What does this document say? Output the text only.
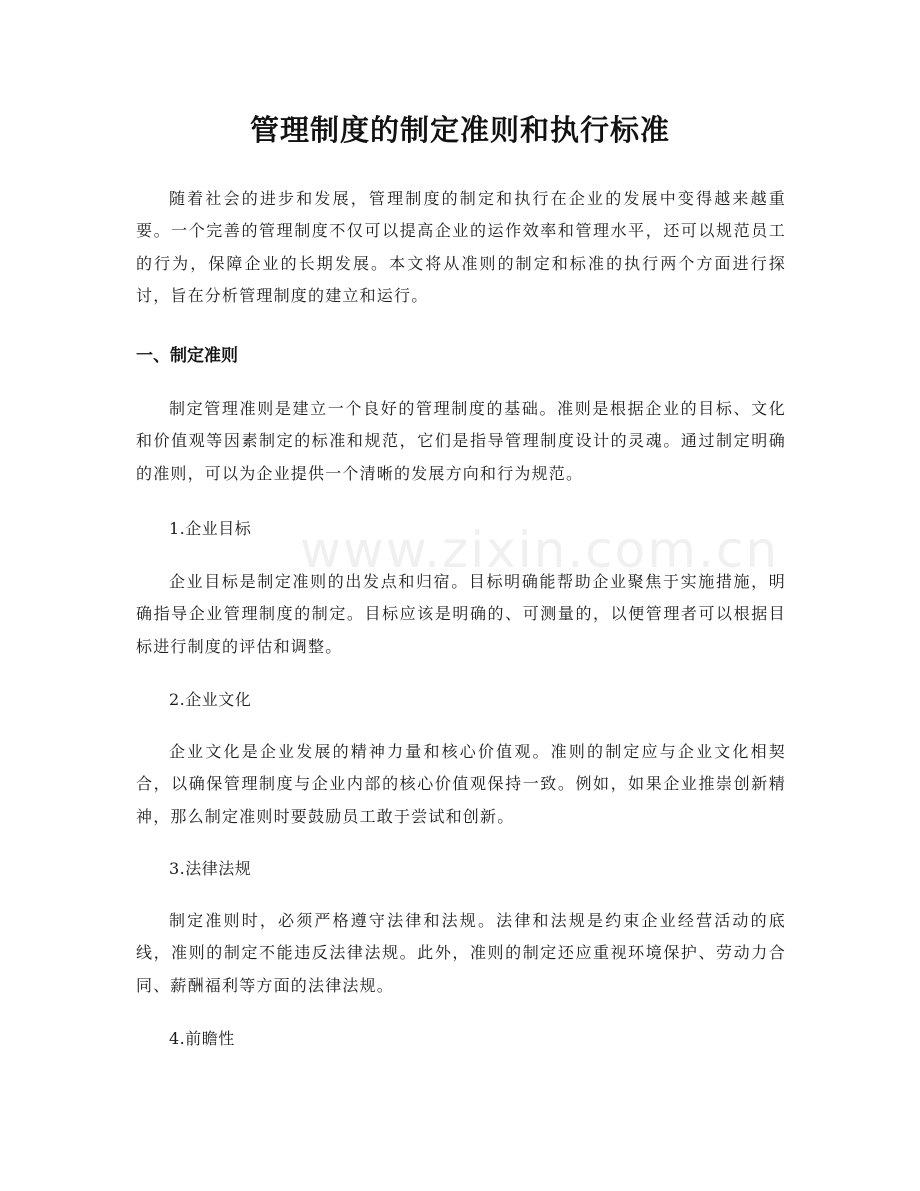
管理制度的制定准则和执行标准

随着社会的进步和发展，管理制度的制定和执行在企业的发展中变得越来越重要。一个完善的管理制度不仅可以提高企业的运作效率和管理水平，还可以规范员工的行为，保障企业的长期发展。本文将从准则的制定和标准的执行两个方面进行探讨，旨在分析管理制度的建立和运行。

一、制定准则

制定管理准则是建立一个良好的管理制度的基础。准则是根据企业的目标、文化和价值观等因素制定的标准和规范，它们是指导管理制度设计的灵魂。通过制定明确的准则，可以为企业提供一个清晰的发展方向和行为规范。

1.企业目标

企业目标是制定准则的出发点和归宿。目标明确能帮助企业聚焦于实施措施，明确指导企业管理制度的制定。目标应该是明确的、可测量的，以便管理者可以根据目标进行制度的评估和调整。

2.企业文化

企业文化是企业发展的精神力量和核心价值观。准则的制定应与企业文化相契合，以确保管理制度与企业内部的核心价值观保持一致。例如，如果企业推崇创新精神，那么制定准则时要鼓励员工敢于尝试和创新。

3.法律法规

制定准则时，必须严格遵守法律和法规。法律和法规是约束企业经营活动的底线，准则的制定不能违反法律法规。此外，准则的制定还应重视环境保护、劳动力合同、薪酬福利等方面的法律法规。

4.前瞻性
www.zixin.com.cn
